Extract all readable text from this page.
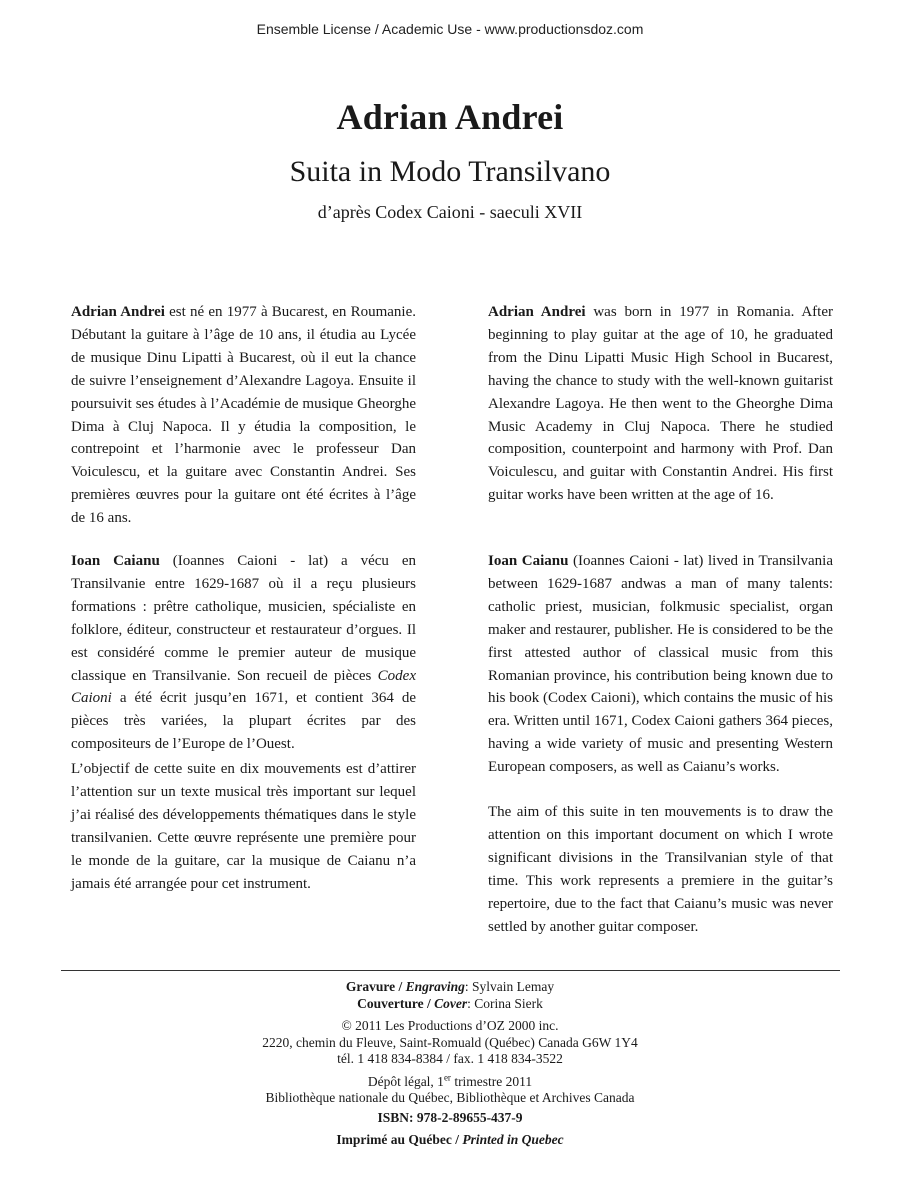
Ensemble License / Academic Use - www.productionsdoz.com
Adrian Andrei
Suita in Modo Transilvano
d’après Codex Caioni - saeculi XVII

Adrian Andrei est né en 1977 à Bucarest, en Roumanie. Débutant la guitare à l’âge de 10 ans, il étudia au Lycée de musique Dinu Lipatti à Bucarest, où il eut la chance de suivre l’enseignement d’Alexandre Lagoya. Ensuite il poursuivit ses études à l’Académie de musique Gheorghe Dima à Cluj Napoca. Il y étudia la composition, le contrepoint et l’harmonie avec le professeur Dan Voiculescu, et la guitare avec Constantin Andrei. Ses premières œuvres pour la guitare ont été écrites à l’âge de 16 ans.

Ioan Caianu (Ioannes Caioni - lat) a vécu en Transilvanie entre 1629-1687 où il a reçu plusieurs formations : prêtre catholique, musicien, spécialiste en folklore, éditeur, constructeur et restaurateur d’orgues. Il est considéré comme le premier auteur de musique classique en Transilvanie. Son recueil de pièces Codex Caioni a été écrit jusqu’en 1671, et contient 364 de pièces très variées, la plupart écrites par des compositeurs de l’Europe de l’Ouest.

L’objectif de cette suite en dix mouvements est d’attirer l’attention sur un texte musical très important sur lequel j’ai réalisé des développements thématiques dans le style transilvanien. Cette œuvre représente une première pour le monde de la guitare, car la musique de Caianu n’a jamais été arrangée pour cet instrument.

Adrian Andrei was born in 1977 in Romania. After beginning to play guitar at the age of 10, he graduated from the Dinu Lipatti Music High School in Bucarest, having the chance to study with the well-known guitarist Alexandre Lagoya. He then went to the Gheorghe Dima Music Academy in Cluj Napoca. There he studied composition, counterpoint and harmony with Prof. Dan Voiculescu, and guitar with Constantin Andrei. His first guitar works have been written at the age of 16.

Ioan Caianu (Ioannes Caioni - lat) lived in Transilvania between 1629-1687 andwas a man of many talents: catholic priest, musician, folkmusic specialist, organ maker and restaurer, publisher. He is considered to be the first attested author of classical music from this Romanian province, his contribution being known due to his book (Codex Caioni), which contains the music of his era. Written until 1671, Codex Caioni gathers 364 pieces, having a wide variety of music and presenting Western European composers, as well as Caianu’s works.

The aim of this suite in ten mouvements is to draw the attention on this important document on which I wrote significant divisions in the Transilvanian style of that time. This work represents a premiere in the guitar’s repertoire, due to the fact that Caianu’s music was never settled by another guitar composer.

Gravure / Engraving: Sylvain Lemay
Couverture / Cover: Corina Sierk
© 2011 Les Productions d’OZ 2000 inc.
2220, chemin du Fleuve, Saint-Romuald (Québec) Canada G6W 1Y4
tél. 1 418 834-8384 / fax. 1 418 834-3522
Dépôt légal, 1er trimestre 2011
Bibliothèque nationale du Québec, Bibliothèque et Archives Canada
ISBN: 978-2-89655-437-9
Imprimé au Québec / Printed in Quebec
